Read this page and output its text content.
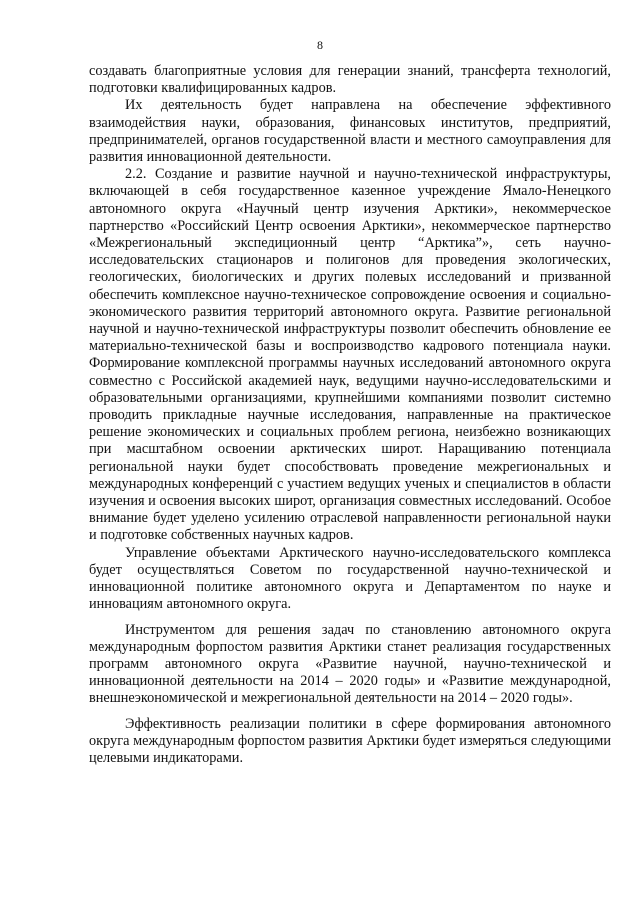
8

создавать благоприятные условия для генерации знаний, трансферта технологий, подготовки квалифицированных кадров.

Их деятельность будет направлена на обеспечение эффективного взаимодействия науки, образования, финансовых институтов, предприятий, предпринимателей, органов государственной власти и местного самоуправления для развития инновационной деятельности.

2.2. Создание и развитие научной и научно-технической инфраструктуры, включающей в себя государственное казенное учреждение Ямало-Ненецкого автономного округа «Научный центр изучения Арктики», некоммерческое партнерство «Российский Центр освоения Арктики», некоммерческое партнерство «Межрегиональный экспедиционный центр “Арктика”», сеть научно-исследовательских стационаров и полигонов для проведения экологических, геологических, биологических и других полевых исследований и призванной обеспечить комплексное научно-техническое сопровождение освоения и социально-экономического развития территорий автономного округа. Развитие региональной научной и научно-технической инфраструктуры позволит обеспечить обновление ее материально-технической базы и воспроизводство кадрового потенциала науки. Формирование комплексной программы научных исследований автономного округа совместно с Российской академией наук, ведущими научно-исследовательскими и образовательными организациями, крупнейшими компаниями позволит системно проводить прикладные научные исследования, направленные на практическое решение экономических и социальных проблем региона, неизбежно возникающих при масштабном освоении арктических широт. Наращиванию потенциала региональной науки будет способствовать проведение межрегиональных и международных конференций с участием ведущих ученых и специалистов в области изучения и освоения высоких широт, организация совместных исследований. Особое внимание будет уделено усилению отраслевой направленности региональной науки и подготовке собственных научных кадров.

Управление объектами Арктического научно-исследовательского комплекса будет осуществляться Советом по государственной научно-технической и инновационной политике автономного округа и Департаментом по науке и инновациям автономного округа.

Инструментом для решения задач по становлению автономного округа международным форпостом развития Арктики станет реализация государственных программ автономного округа «Развитие научной, научно-технической и инновационной деятельности на 2014 – 2020 годы» и «Развитие международной, внешнеэкономической и межрегиональной деятельности на 2014 – 2020 годы».

Эффективность реализации политики в сфере формирования автономного округа международным форпостом развития Арктики будет измеряться следующими целевыми индикаторами.
